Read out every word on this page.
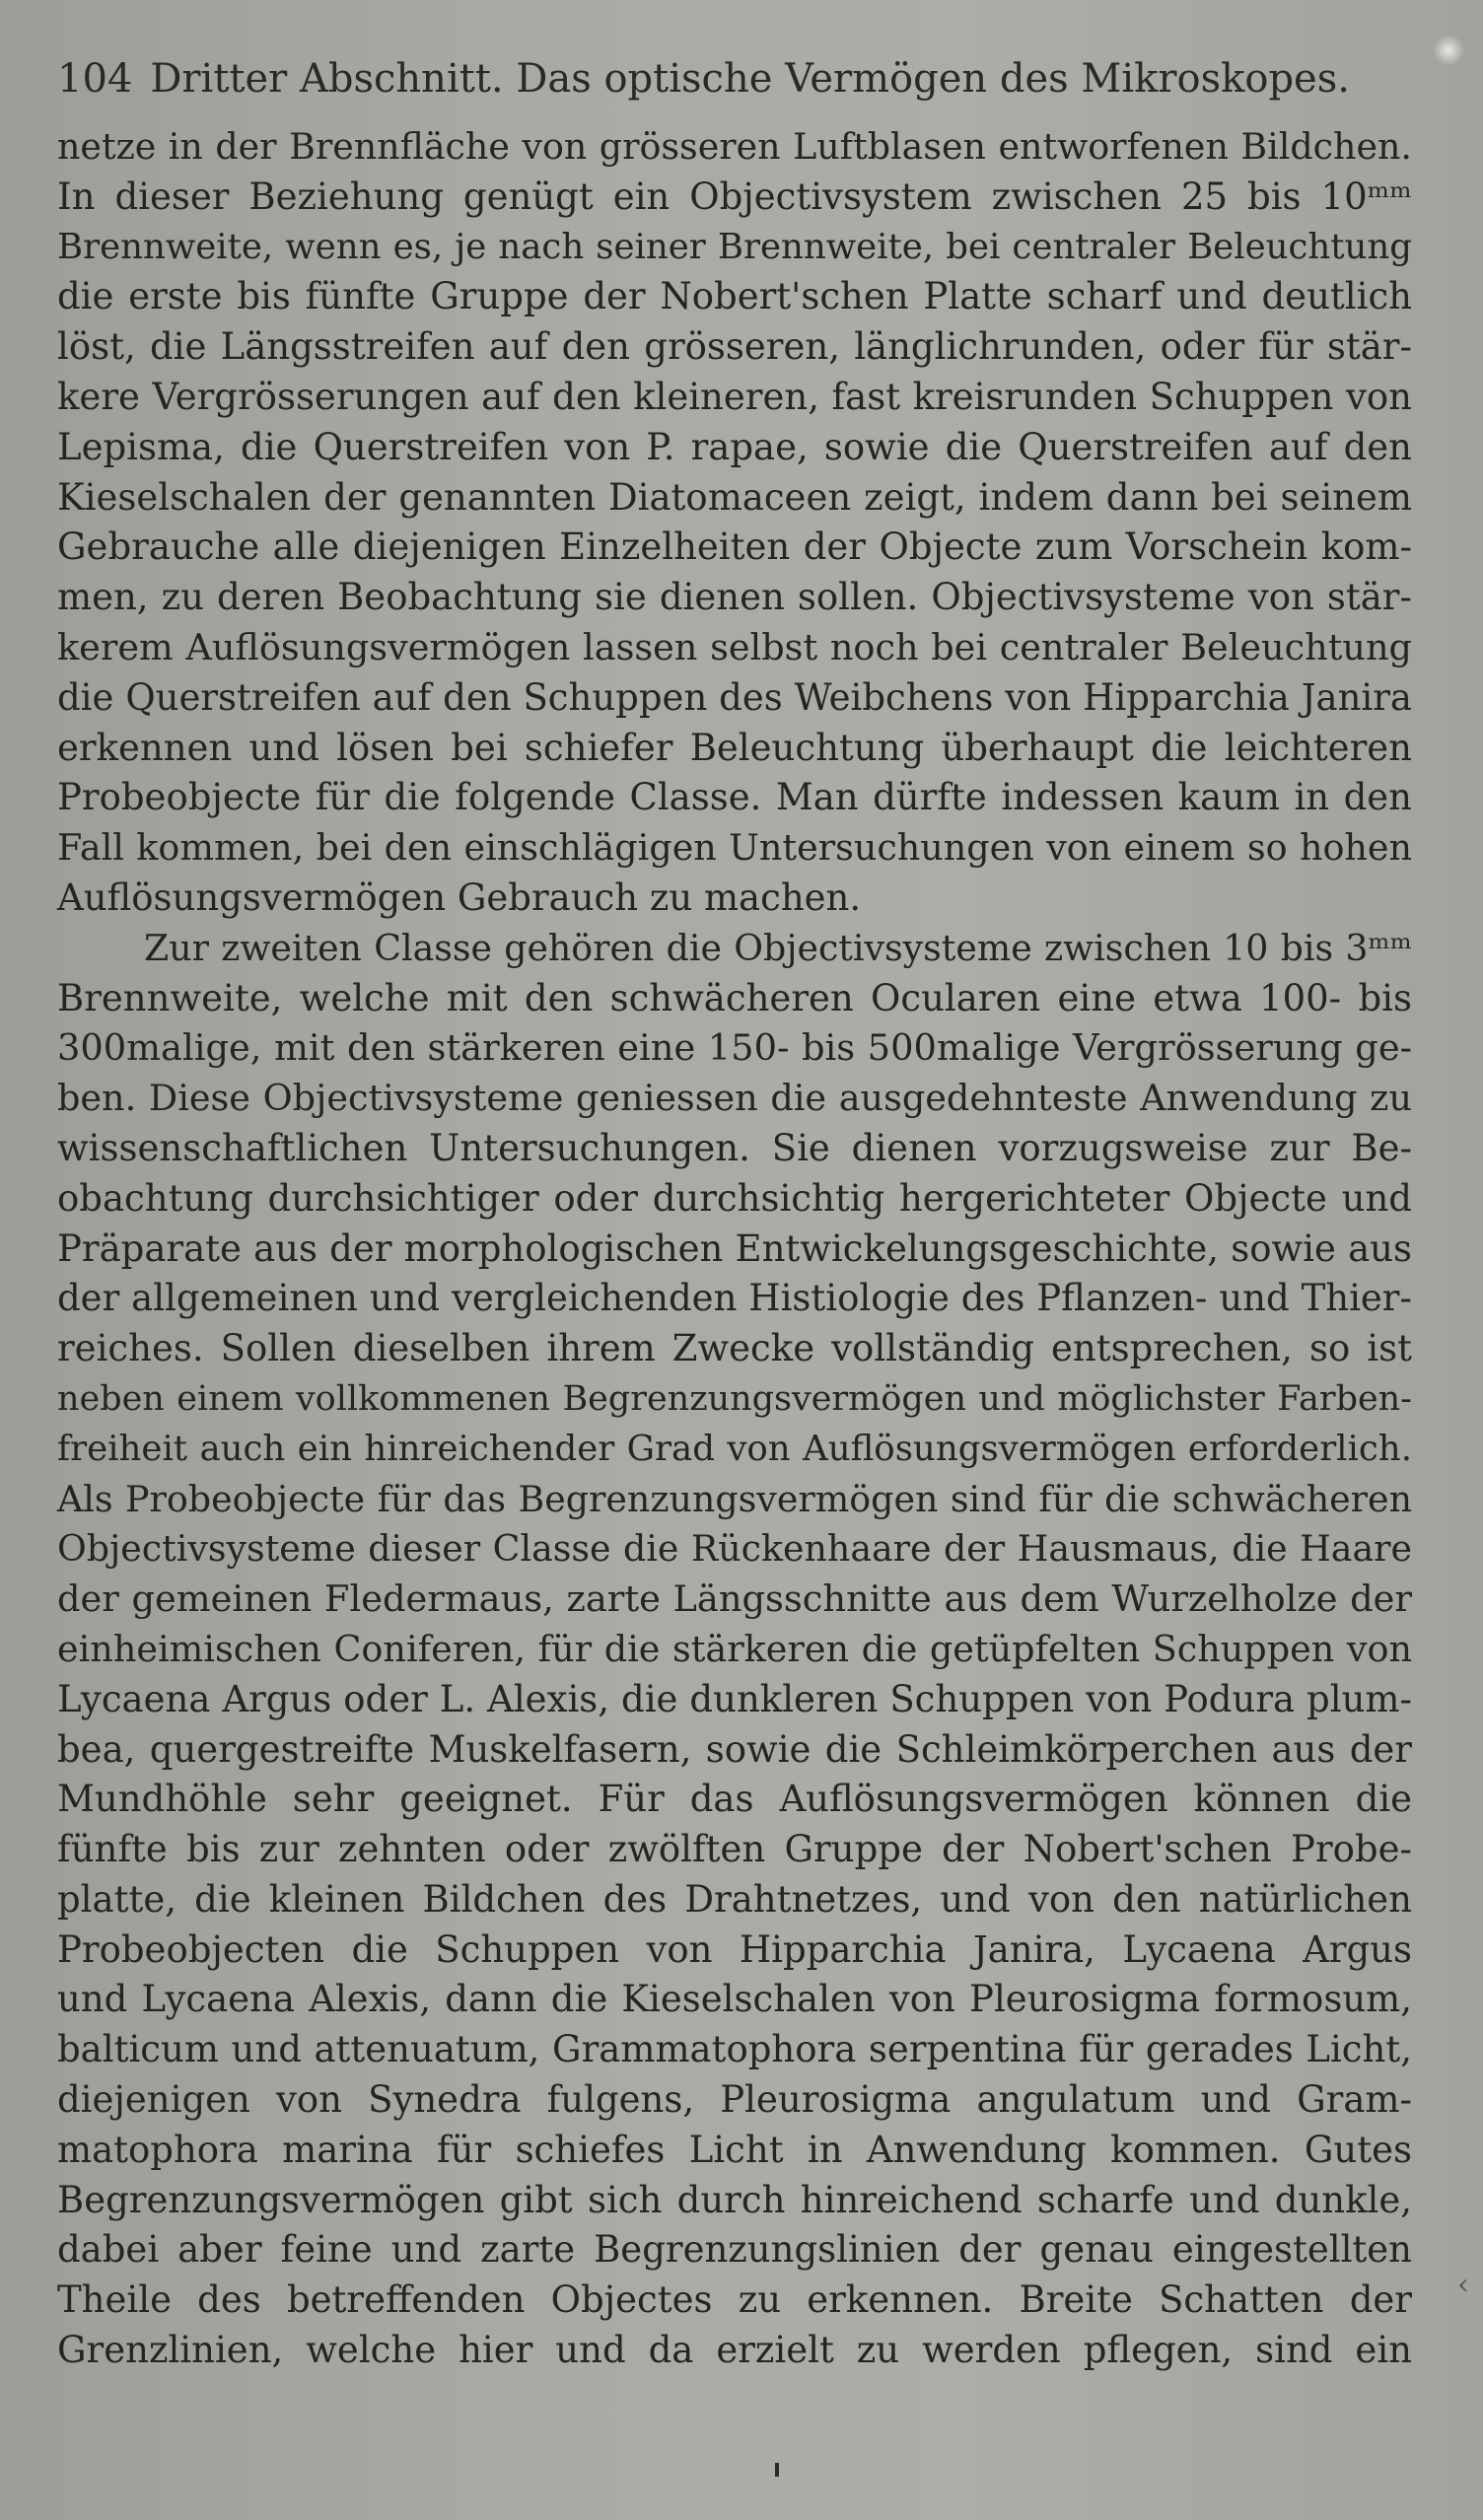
104 Dritter Abschnitt. Das optische Vermögen des Mikroskopes.
netze in der Brennfläche von grösseren Luftblasen entworfenen Bildchen.
In dieser Beziehung genügt ein Objectivsystem zwischen 25 bis 10ᵐᵐ
Brennweite, wenn es, je nach seiner Brennweite, bei centraler Beleuchtung
die erste bis fünfte Gruppe der Nobert'schen Platte scharf und deutlich
löst, die Längsstreifen auf den grösseren, länglichrunden, oder für stär-
kere Vergrösserungen auf den kleineren, fast kreisrunden Schuppen von
Lepisma, die Querstreifen von P. rapae, sowie die Querstreifen auf den
Kieselschalen der genannten Diatomaceen zeigt, indem dann bei seinem
Gebrauche alle diejenigen Einzelheiten der Objecte zum Vorschein kom-
men, zu deren Beobachtung sie dienen sollen. Objectivsysteme von stär-
kerem Auflösungsvermögen lassen selbst noch bei centraler Beleuchtung
die Querstreifen auf den Schuppen des Weibchens von Hipparchia Janira
erkennen und lösen bei schiefer Beleuchtung überhaupt die leichteren
Probeobjecte für die folgende Classe. Man dürfte indessen kaum in den
Fall kommen, bei den einschlägigen Untersuchungen von einem so hohen
Auflösungsvermögen Gebrauch zu machen.
Zur zweiten Classe gehören die Objectivsysteme zwischen 10 bis 3ᵐᵐ
Brennweite, welche mit den schwächeren Ocularen eine etwa 100- bis
300malige, mit den stärkeren eine 150- bis 500malige Vergrösserung ge-
ben. Diese Objectivsysteme geniessen die ausgedehnteste Anwendung zu
wissenschaftlichen Untersuchungen. Sie dienen vorzugsweise zur Be-
obachtung durchsichtiger oder durchsichtig hergerichteter Objecte und
Präparate aus der morphologischen Entwickelungsgeschichte, sowie aus
der allgemeinen und vergleichenden Histiologie des Pflanzen- und Thier-
reiches. Sollen dieselben ihrem Zwecke vollständig entsprechen, so ist
neben einem vollkommenen Begrenzungsvermögen und möglichster Farben-
freiheit auch ein hinreichender Grad von Auflösungsvermögen erforderlich.
Als Probeobjecte für das Begrenzungsvermögen sind für die schwächeren
Objectivsysteme dieser Classe die Rückenhaare der Hausmaus, die Haare
der gemeinen Fledermaus, zarte Längsschnitte aus dem Wurzelholze der
einheimischen Coniferen, für die stärkeren die getüpfelten Schuppen von
Lycaena Argus oder L. Alexis, die dunkleren Schuppen von Podura plum-
bea, quergestreifte Muskelfasern, sowie die Schleimkörperchen aus der
Mundhöhle sehr geeignet. Für das Auflösungsvermögen können die
fünfte bis zur zehnten oder zwölften Gruppe der Nobert'schen Probe-
platte, die kleinen Bildchen des Drahtnetzes, und von den natürlichen
Probeobjecten die Schuppen von Hipparchia Janira, Lycaena Argus
und Lycaena Alexis, dann die Kieselschalen von Pleurosigma formosum,
balticum und attenuatum, Grammatophora serpentina für gerades Licht,
diejenigen von Synedra fulgens, Pleurosigma angulatum und Gram-
matophora marina für schiefes Licht in Anwendung kommen. Gutes
Begrenzungsvermögen gibt sich durch hinreichend scharfe und dunkle,
dabei aber feine und zarte Begrenzungslinien der genau eingestellten
Theile des betreffenden Objectes zu erkennen. Breite Schatten der
Grenzlinien, welche hier und da erzielt zu werden pflegen, sind ein
‹
